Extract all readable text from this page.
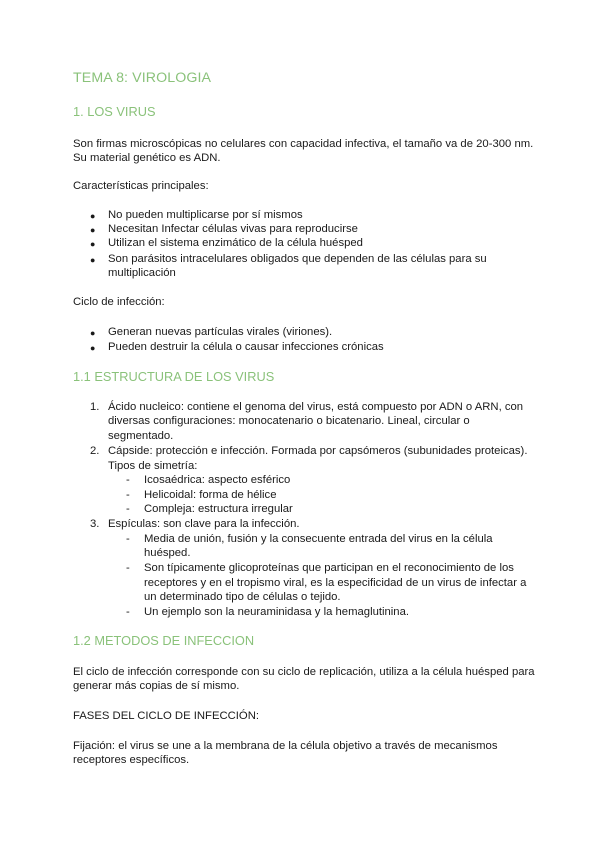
TEMA 8: VIROLOGIA
1. LOS VIRUS
Son firmas microscópicas no celulares con capacidad infectiva, el tamaño va de 20-300 nm.
Su material genético es ADN.
Características principales:
● No pueden multiplicarse por sí mismos
● Necesitan Infectar células vivas para reproducirse
● Utilizan el sistema enzimático de la célula huésped
● Son parásitos intracelulares obligados que dependen de las células para su
multiplicación
Ciclo de infección:
● Generan nuevas partículas virales (viriones).
● Pueden destruir la célula o causar infecciones crónicas
1.1 ESTRUCTURA DE LOS VIRUS
1. Ácido nucleico: contiene el genoma del virus, está compuesto por ADN o ARN, con
diversas configuraciones: monocatenario o bicatenario. Lineal, circular o
segmentado.
2. Cápside: protección e infección. Formada por capsómeros (subunidades proteicas).
Tipos de simetría:
- Icosaédrica: aspecto esférico
- Helicoidal: forma de hélice
- Compleja: estructura irregular
3. Espículas: son clave para la infección.
- Media de unión, fusión y la consecuente entrada del virus en la célula
huésped.
- Son típicamente glicoproteínas que participan en el reconocimiento de los
receptores y en el tropismo viral, es la especificidad de un virus de infectar a
un determinado tipo de células o tejido.
- Un ejemplo son la neuraminidasa y la hemaglutinina.
1.2 METODOS DE INFECCION
El ciclo de infección corresponde con su ciclo de replicación, utiliza a la célula huésped para
generar más copias de sí mismo.
FASES DEL CICLO DE INFECCIÓN:
Fijación: el virus se une a la membrana de la célula objetivo a través de mecanismos
receptores específicos.
